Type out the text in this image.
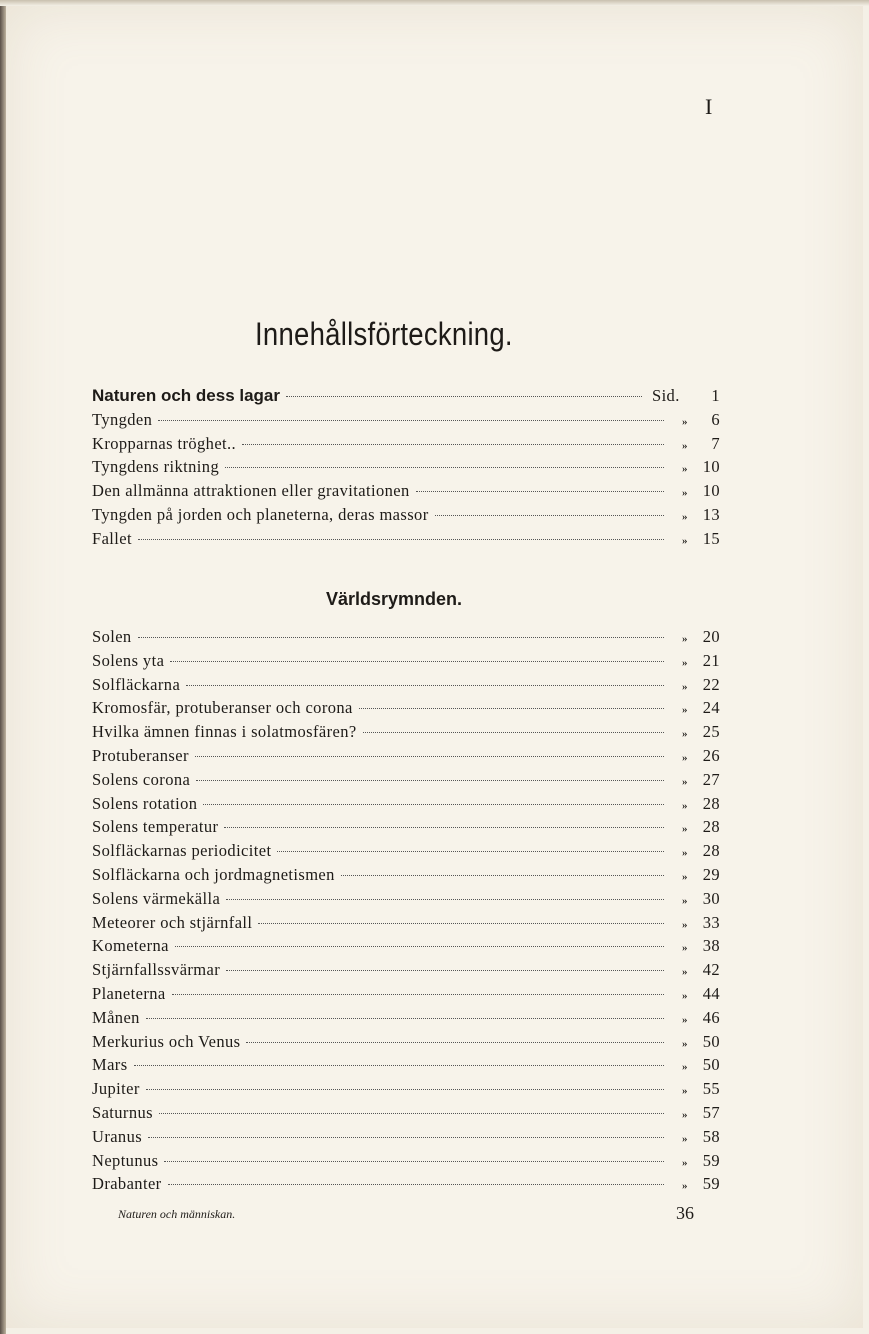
I
Innehållsförteckning.
Naturen och dess lagar	Sid.	1
Tyngden	»	6
Kropparnas tröghet..	»	7
Tyngdens riktning	» 10
Den allmänna attraktionen eller gravitationen	» 10
Tyngden på jorden och planeterna, deras massor	» 13
Fallet	» 15
Världsrymnden.
Solen	» 20
Solens yta	» 21
Solfläckarna	» 22
Kromosfär, protuberanser och corona	» 24
Hvilka ämnen finnas i solatmosfären?	» 25
Protuberanser	» 26
Solens corona	» 27
Solens rotation	» 28
Solens temperatur	» 28
Solfläckarnas periodicitet	» 28
Solfläckarna och jordmagnetismen	» 29
Solens värmekälla	» 30
Meteorer och stjärnfall	» 33
Kometerna	» 38
Stjärnfallssvärmar	» 42
Planeterna	» 44
Månen	» 46
Merkurius och Venus	» 50
Mars	» 50
Jupiter	» 55
Saturnus	» 57
Uranus	» 58
Neptunus	» 59
Drabanter	» 59
Naturen och människan.	36
